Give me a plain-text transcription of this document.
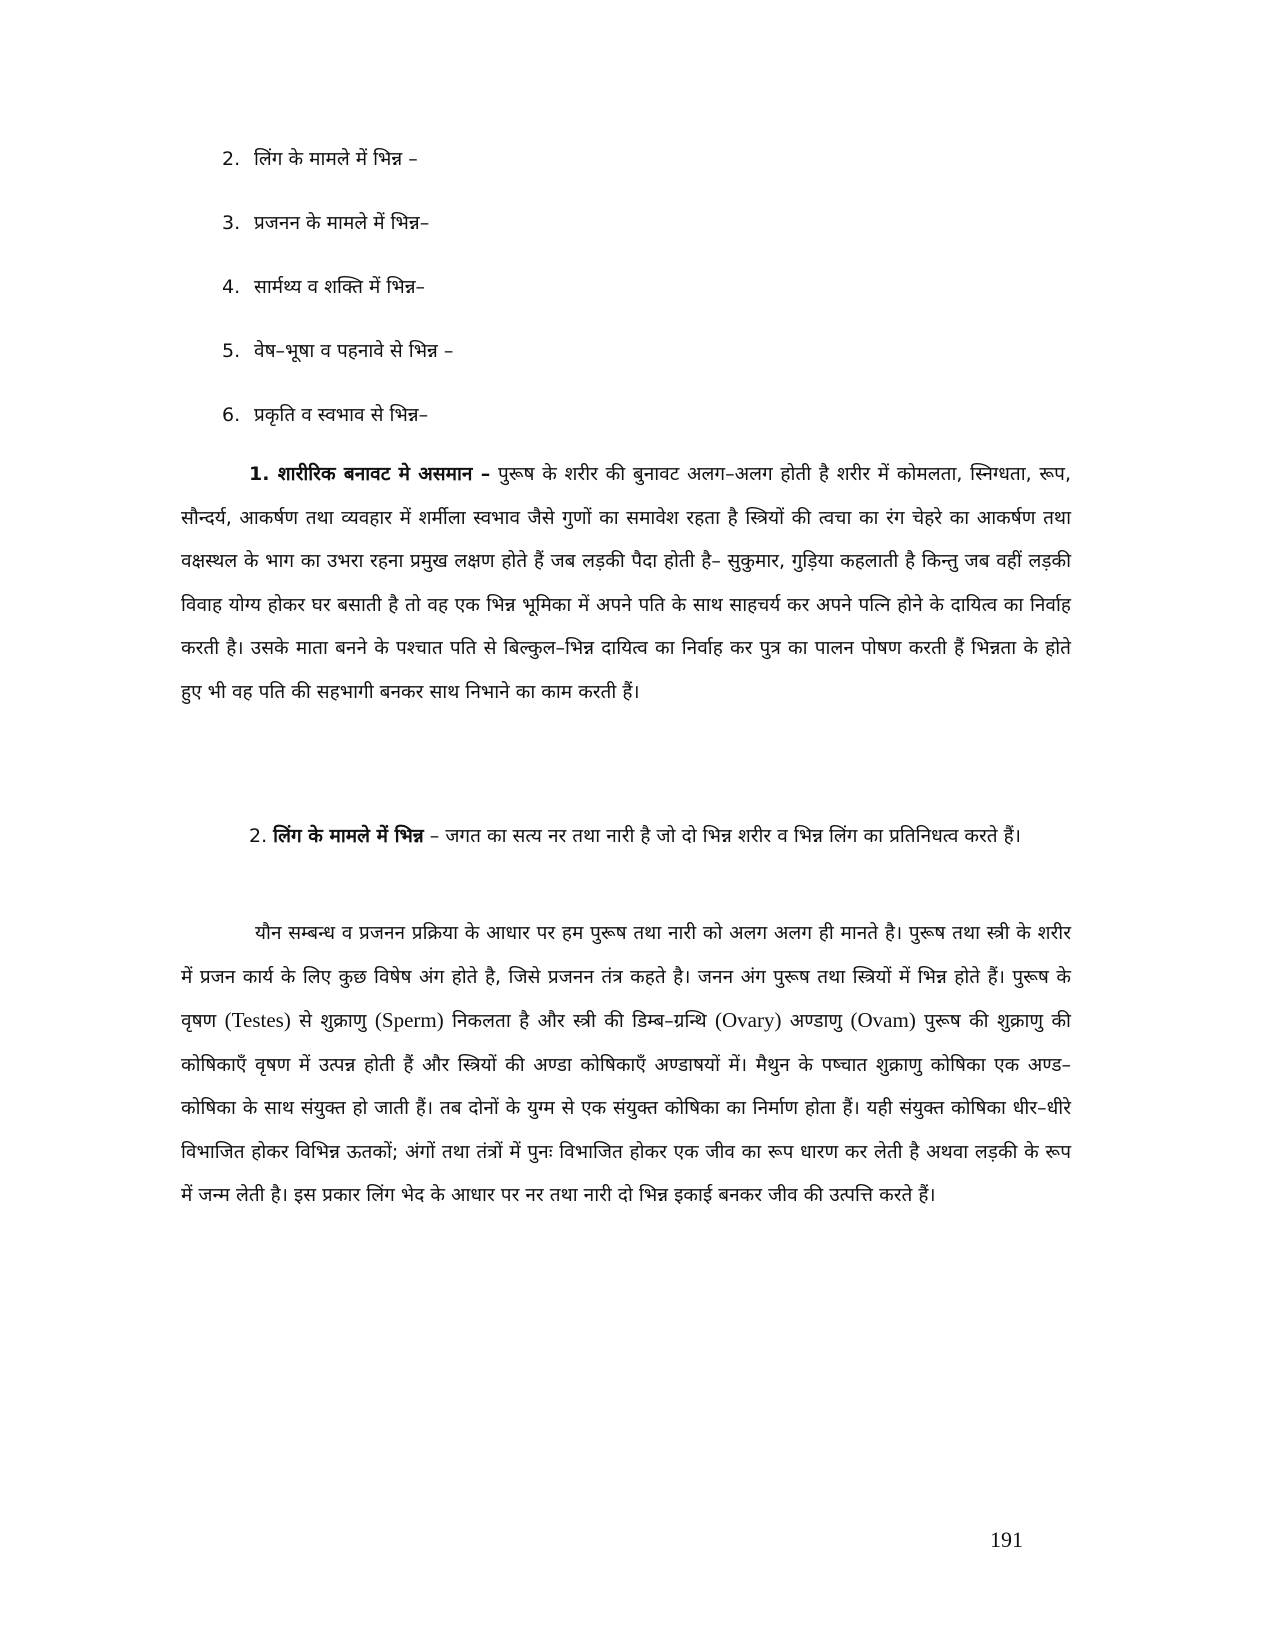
2. लिंग के मामले में भिन्न –
3. प्रजनन के मामले में भिन्न–
4. सार्मथ्य व शक्ति में भिन्न–
5. वेष–भूषा व पहनावे से भिन्न –
6. प्रकृति व स्वभाव से भिन्न–

1. शारीरिक बनावट मे असमान – पुरूष के शरीर की बुनावट अलग–अलग होती है शरीर में कोमलता, स्निग्धता, रूप, सौन्दर्य, आकर्षण तथा व्यवहार में शर्मीला स्वभाव जैसे गुणों का समावेश रहता है स्त्रियों की त्वचा का रंग चेहरे का आकर्षण तथा वक्षस्थल के भाग का उभरा रहना प्रमुख लक्षण होते हैं जब लड़की पैदा होती है– सुकुमार, गुड़िया कहलाती है किन्तु जब वहीं लड़की विवाह योग्य होकर घर बसाती है तो वह एक भिन्न भूमिका में अपने पति के साथ साहचर्य कर अपने पत्नि होने के दायित्व का निर्वाह करती है। उसके माता बनने के पश्चात पति से बिल्कुल–भिन्न दायित्व का निर्वाह कर पुत्र का पालन पोषण करती हैं भिन्नता के होते हुए भी वह पति की सहभागी बनकर साथ निभाने का काम करती हैं।

2. लिंग के मामले में भिन्न – जगत का सत्य नर तथा नारी है जो दो भिन्न शरीर व भिन्न लिंग का प्रतिनिधत्व करते हैं।

यौन सम्बन्ध व प्रजनन प्रक्रिया के आधार पर हम पुरूष तथा नारी को अलग अलग ही मानते है। पुरूष तथा स्त्री के शरीर में प्रजन कार्य के लिए कुछ विषेष अंग होते है, जिसे प्रजनन तंत्र कहते है। जनन अंग पुरूष तथा स्त्रियों में भिन्न होते हैं। पुरूष के वृषण (Testes) से शुक्राणु (Sperm) निकलता है और स्त्री की डिम्ब–ग्रन्थि (Ovary) अण्डाणु (Ovam) पुरूष की शुक्राणु की कोषिकाएँ वृषण में उत्पन्न होती हैं और स्त्रियों की अण्डा कोषिकाएँ अण्डाषयों में। मैथुन के पष्चात शुक्राणु कोषिका एक अण्ड–कोषिका के साथ संयुक्त हो जाती हैं। तब दोनों के युग्म से एक संयुक्त कोषिका का निर्माण होता हैं। यही संयुक्त कोषिका धीर–धीरे विभाजित होकर विभिन्न ऊतकों; अंगों तथा तंत्रों में पुनः विभाजित होकर एक जीव का रूप धारण कर लेती है अथवा लड़की के रूप में जन्म लेती है। इस प्रकार लिंग भेद के आधार पर नर तथा नारी दो भिन्न इकाई बनकर जीव की उत्पत्ति करते हैं।

191
